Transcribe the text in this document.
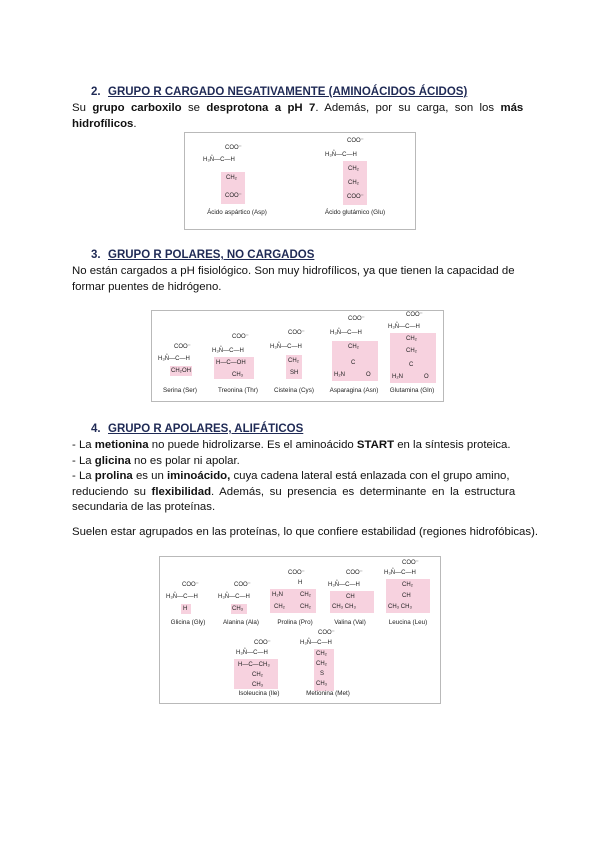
2. GRUPO R CARGADO NEGATIVAMENTE (AMINOÁCIDOS ÁCIDOS)
Su grupo carboxilo se desprotona a pH 7. Además, por su carga, son los más
hidrofílicos.
COO⁻
H₃N̊—C—H
CH₂
COO⁻
Ácido aspártico (Asp)
COO⁻
H₃N̊—C—H
CH₂
CH₂
COO⁻
Ácido glutámico (Glu)
3. GRUPO R POLARES, NO CARGADOS
No están cargados a pH fisiológico. Son muy hidrofílicos, ya que tienen la capacidad de
formar puentes de hidrógeno.
COO⁻
H₃N̊—C—H
CH₂OH
Serina (Ser)
COO⁻
H₃N̊—C—H
H—C—OH
CH₃
Treonina (Thr)
COO⁻
H₃N̊—C—H
CH₂
SH
Cisteína (Cys)
COO⁻
H₃N̊—C—H
CH₂
C
H₂N	O
Asparagina (Asn)
COO⁻
H₃N̊—C—H
CH₂
CH₂
C
H₂N	O
Glutamina (Gln)
4. GRUPO R APOLARES, ALIFÁTICOS
- La metionina no puede hidrolizarse. Es el aminoácido START en la síntesis proteica.
- La glicina no es polar ni apolar.
- La prolina es un iminoácido, cuya cadena lateral está enlazada con el grupo amino,
reduciendo su flexibilidad. Además, su presencia es determinante en la estructura
secundaria de las proteínas.
Suelen estar agrupados en las proteínas, lo que confiere estabilidad (regiones hidrofóbicas).
COO⁻
H₃N̊—C—H
H
Glicina (Gly)
COO⁻
H₃N̊—C—H
CH₃
Alanina (Ala)
COO⁻
H
H₂N	CH₂
CH₂	CH₂
Prolina (Pro)
COO⁻
H₃N̊—C—H
CH
CH₃ CH₃
Valina (Val)
COO⁻
H₃N̊—C—H
CH₂
CH
CH₃ CH₃
Leucina (Leu)
COO⁻
H₃N̊—C—H
H—C—CH₃
CH₂
CH₃
Isoleucina (Ile)
COO⁻
H₃N̊—C—H
CH₂
CH₂
S
CH₃
Metionina (Met)
